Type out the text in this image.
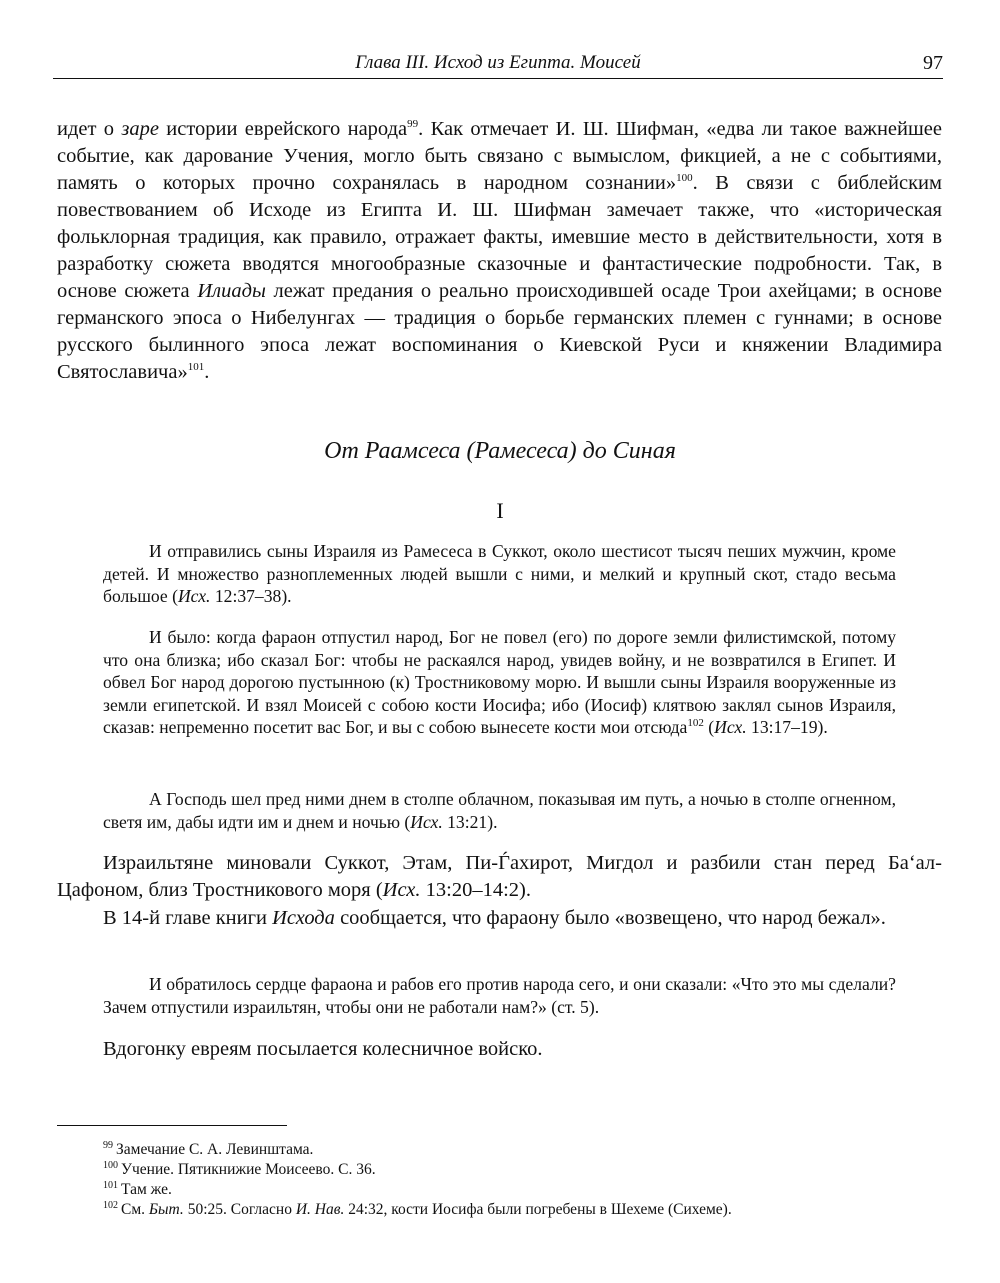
Глава III. Исход из Египта. Моисей	97

идет о заре истории еврейского народа$^{99}$. Как отмечает И. Ш. Шифман, «едва ли такое важнейшее событие, как дарование Учения, могло быть связано с вымыслом, фикцией, а не с событиями, память о которых прочно сохранялась в народном сознании»$^{100}$. В связи с библейским повествованием об Исходе из Египта И. Ш. Шифман замечает также, что «историческая фольклорная традиция, как правило, отражает факты, имевшие место в действительности, хотя в разработку сюжета вводятся многообразные сказочные и фантастические подробности. Так, в основе сюжета Илиады лежат предания о реально происходившей осаде Трои ахейцами; в основе германского эпоса о Нибелунгах — традиция о борьбе германских племен с гуннами; в основе русского былинного эпоса лежат воспоминания о Киевской Руси и княжении Владимира Святославича»$^{101}$.

От Раамсеса (Рамесеса) до Синая
I

И отправились сыны Израиля из Рамесеса в Суккот, около шестисот тысяч пеших мужчин, кроме детей. И множество разноплеменных людей вышли с ними, и мелкий и крупный скот, стадо весьма большое (Исх. 12:37–38).

И было: когда фараон отпустил народ, Бог не повел (его) по дороге земли филистимской, потому что она близка; ибо сказал Бог: чтобы не раскаялся народ, увидев войну, и не возвратился в Египет. И обвел Бог народ дорогою пустынною (к) Тростниковому морю. И вышли сыны Израиля вооруженные из земли египетской. И взял Моисей с собою кости Иосифа; ибо (Иосиф) клятвою заклял сынов Израиля, сказав: непременно посетит вас Бог, и вы с собою вынесете кости мои отсюда$^{102}$ (Исх. 13:17–19).

А Господь шел пред ними днем в столпе облачном, показывая им путь, а ночью в столпе огненном, светя им, дабы идти им и днем и ночью (Исх. 13:21).

Израильтяне миновали Суккот, Этам, Пи-Ѓахирот, Мигдол и разбили стан перед Ба‘ал-Цафоном, близ Тростникового моря (Исх. 13:20–14:2).

В 14-й главе книги Исхода сообщается, что фараону было «возвещено, что народ бежал».

И обратилось сердце фараона и рабов его против народа сего, и они сказали: «Что это мы сделали? Зачем отпустили израильтян, чтобы они не работали нам?» (ст. 5).

Вдогонку евреям посылается колесничное войско.

$^{99}$ Замечание С. А. Левинштама.
$^{100}$ Учение. Пятикнижие Моисеево. С. 36.
$^{101}$ Там же.
$^{102}$ См. Быт. 50:25. Согласно И. Нав. 24:32, кости Иосифа были погребены в Шехеме (Сихеме).
